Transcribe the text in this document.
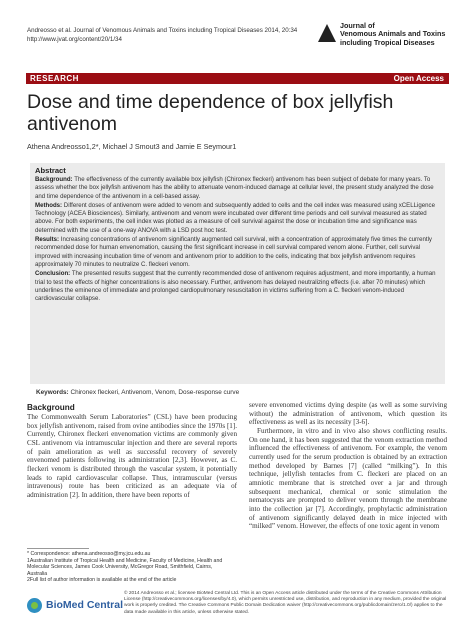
Andreosso et al. Journal of Venomous Animals and Toxins including Tropical Diseases 2014, 20:34
http://www.jvat.org/content/20/1/34
Journal of
Venomous Animals and Toxins
including Tropical Diseases
RESEARCH	Open Access
Dose and time dependence of box jellyfish antivenom
Athena Andreosso1,2*, Michael J Smout3 and Jamie E Seymour1
Abstract

Background: The effectiveness of the currently available box jellyfish (Chironex fleckeri) antivenom has been subject of debate for many years. To assess whether the box jellyfish antivenom has the ability to attenuate venom-induced damage at cellular level, the present study analyzed the dose and time dependence of the antivenom in a cell-based assay.

Methods: Different doses of antivenom were added to venom and subsequently added to cells and the cell index was measured using xCELLigence Technology (ACEA Biosciences). Similarly, antivenom and venom were incubated over different time periods and cell survival measured as stated above. For both experiments, the cell index was plotted as a measure of cell survival against the dose or incubation time and significance was determined with the use of a one-way ANOVA with a LSD post hoc test.

Results: Increasing concentrations of antivenom significantly augmented cell survival, with a concentration of approximately five times the currently recommended dose for human envenomation, causing the first significant increase in cell survival compared venom alone. Further, cell survival improved with increasing incubation time of venom and antivenom prior to addition to the cells, indicating that box jellyfish antivenom requires approximately 70 minutes to neutralize C. fleckeri venom.

Conclusion: The presented results suggest that the currently recommended dose of antivenom requires adjustment, and more importantly, a human trial to test the effects of higher concentrations is also necessary. Further, antivenom has delayed neutralizing effects (i.e. after 70 minutes) which underlines the eminence of immediate and prolonged cardiopulmonary resuscitation in victims suffering from a C. fleckeri venom-induced cardiovascular collapse.

Keywords: Chironex fleckeri, Antivenom, Venom, Dose-response curve
Background

The Commonwealth Serum Laboratories” (CSL) have been producing box jellyfish antivenom, raised from ovine antibodies since the 1970s [1]. Currently, Chironex fleckeri envenomation victims are commonly given CSL antivenom via intramuscular injection and there are several reports of pain amelioration as well as successful recovery of severely envenomed patients following its administration [2,3]. However, as C. fleckeri venom is distributed through the vascular system, it potentially leads to rapid cardiovascular collapse. Thus, intramuscular (versus intravenous) route has been criticized as an adequate via of administration [2]. In addition, there have been reports of

severe envenomed victims dying despite (as well as some surviving without) the administration of antivenom, which question its effectiveness as well as its necessity [3-6].

Furthermore, in vitro and in vivo also shows conflicting results. On one hand, it has been suggested that the venom extraction method influenced the effectiveness of antivenom. For example, the venom currently used for the serum production is obtained by an extraction method developed by Barnes [7] (called “milking”). In this technique, jellyfish tentacles from C. fleckeri are placed on an amniotic membrane that is stretched over a jar and through subsequent mechanical, chemical or sonic stimulation the nematocysts are prompted to deliver venom through the membrane into the collection jar [7]. Accordingly, prophylactic administration of antivenom significantly delayed death in mice injected with “milked” venom. However, the effects of one toxic agent in venom

* Correspondence: athena.andreosso@my.jcu.edu.au
1Australian Institute of Tropical Health and Medicine, Faculty of Medicine, Health and Molecular Sciences, James Cook University, McGregor Road, Smithfield, Cairns, Australia
2Full list of author information is available at the end of the article
BioMed Central
© 2014 Andreosso et al.; licensee BioMed Central Ltd. This is an Open Access article distributed under the terms of the Creative Commons Attribution License (http://creativecommons.org/licenses/by/4.0), which permits unrestricted use, distribution, and reproduction in any medium, provided the original work is properly credited. The Creative Commons Public Domain Dedication waiver (http://creativecommons.org/publicdomain/zero/1.0/) applies to the data made available in this article, unless otherwise stated.
